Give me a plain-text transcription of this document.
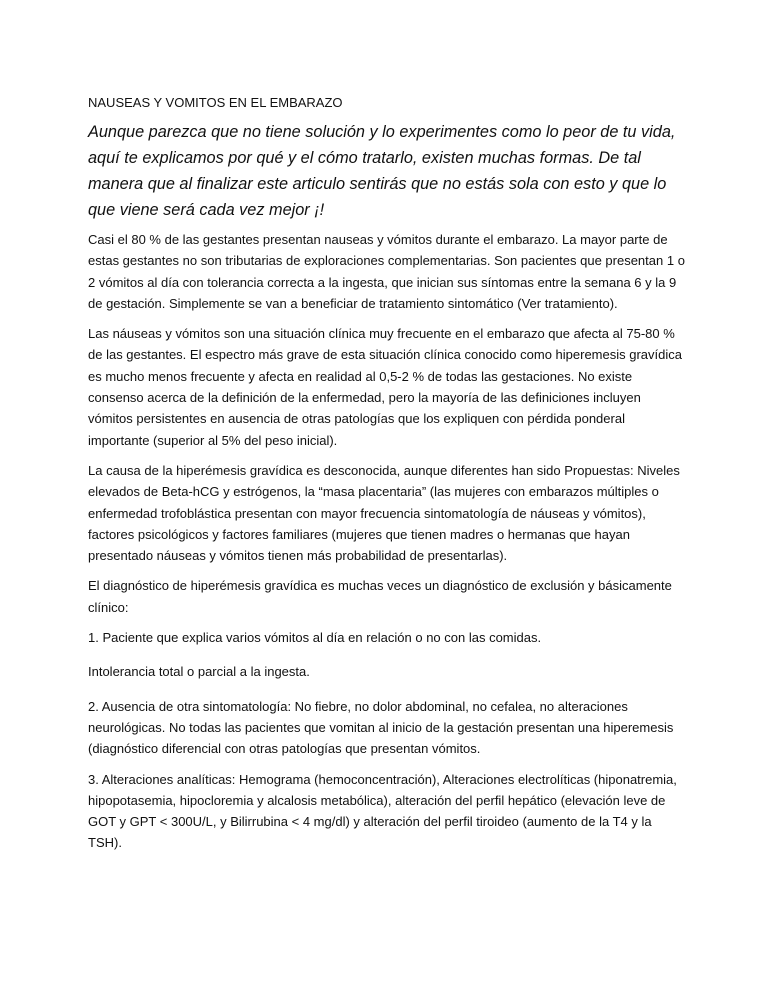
NAUSEAS Y VOMITOS EN EL EMBARAZO
Aunque parezca que no tiene solución y lo experimentes como lo peor de tu vida, aquí te explicamos por qué y el cómo tratarlo, existen muchas formas. De tal manera que al finalizar este articulo sentirás que no estás sola con esto y que lo que viene será cada vez mejor ¡!

Casi el 80 % de las gestantes presentan nauseas y vómitos durante el embarazo. La mayor parte de estas gestantes no son tributarias de exploraciones complementarias. Son pacientes que presentan 1 o 2 vómitos al día con tolerancia correcta a la ingesta, que inician sus síntomas entre la semana 6 y la 9 de gestación. Simplemente se van a beneficiar de tratamiento sintomático (Ver tratamiento).

Las náuseas y vómitos son una situación clínica muy frecuente en el embarazo que afecta al 75-80 % de las gestantes. El espectro más grave de esta situación clínica conocido como hiperemesis gravídica es mucho menos frecuente y afecta en realidad al 0,5-2 % de todas las gestaciones. No existe consenso acerca de la definición de la enfermedad, pero la mayoría de las definiciones incluyen vómitos persistentes en ausencia de otras patologías que los expliquen con pérdida ponderal importante (superior al 5% del peso inicial).

La causa de la hiperémesis gravídica es desconocida, aunque diferentes han sido Propuestas: Niveles elevados de Beta-hCG y estrógenos, la “masa placentaria” (las mujeres con embarazos múltiples o enfermedad trofoblástica presentan con mayor frecuencia sintomatología de náuseas y vómitos), factores psicológicos y factores familiares (mujeres que tienen madres o hermanas que hayan presentado náuseas y vómitos tienen más probabilidad de presentarlas).

El diagnóstico de hiperémesis gravídica es muchas veces un diagnóstico de exclusión y básicamente clínico:

1. Paciente que explica varios vómitos al día en relación o no con las comidas.

Intolerancia total o parcial a la ingesta.

2. Ausencia de otra sintomatología: No fiebre, no dolor abdominal, no cefalea, no alteraciones neurológicas. No todas las pacientes que vomitan al inicio de la gestación presentan una hiperemesis (diagnóstico diferencial con otras patologías que presentan vómitos.

3. Alteraciones analíticas: Hemograma (hemoconcentración), Alteraciones electrolíticas (hiponatremia, hipopotasemia, hipocloremia y alcalosis metabólica), alteración del perfil hepático (elevación leve de GOT y GPT < 300U/L, y Bilirrubina < 4 mg/dl) y alteración del perfil tiroideo (aumento de la T4 y la TSH).
